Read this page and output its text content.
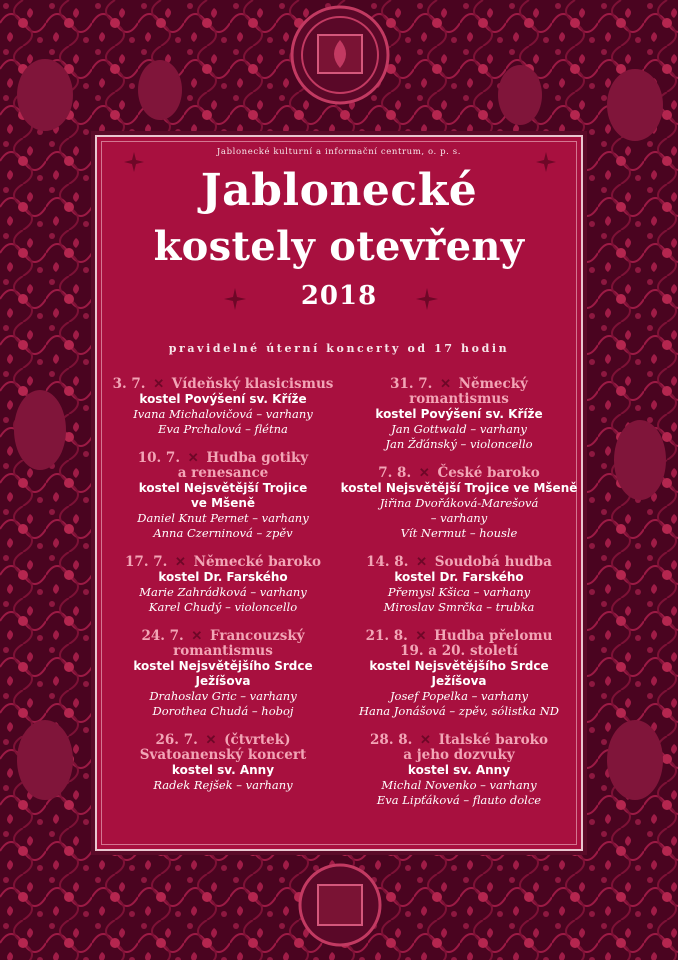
Jablonecké kulturní a informační centrum, o. p. s.
Jablonecké
kostely otevřeny
2018
pravidelné úterní koncerty od 17 hodin
3. 7. ✕ Vídeňský klasicismus
kostel Povýšení sv. Kříže
Ivana Michalovičová – varhany
Eva Prchalová – flétna
10. 7. ✕ Hudba gotiky
a renesance
kostel Nejsvětější Trojice
ve Mšeně
Daniel Knut Pernet – varhany
Anna Czerninová – zpěv
17. 7. ✕ Německé baroko
kostel Dr. Farského
Marie Zahrádková – varhany
Karel Chudý – violoncello
24. 7. ✕ Francouzský
romantismus
kostel Nejsvětějšího Srdce
Ježíšova
Drahoslav Gric – varhany
Dorothea Chudá – hoboj
26. 7. ✕ (čtvrtek)
Svatoanenský koncert
kostel sv. Anny
Radek Rejšek – varhany
31. 7. ✕ Německý romantismus
kostel Povýšení sv. Kříže
Jan Gottwald – varhany
Jan Žďánský – violoncello
7. 8. ✕ České baroko
kostel Nejsvětější Trojice ve Mšeně
Jiřina Dvořáková-Marešová
– varhany
Vít Nermut – housle
14. 8. ✕ Soudobá hudba
kostel Dr. Farského
Přemysl Kšica – varhany
Miroslav Smrčka – trubka
21. 8. ✕ Hudba přelomu
19. a 20. století
kostel Nejsvětějšího Srdce
Ježíšova
Josef Popelka – varhany
Hana Jonášová – zpěv, sólistka ND
28. 8. ✕ Italské baroko
a jeho dozvuky
kostel sv. Anny
Michal Novenko – varhany
Eva Lipťáková – flauto dolce
